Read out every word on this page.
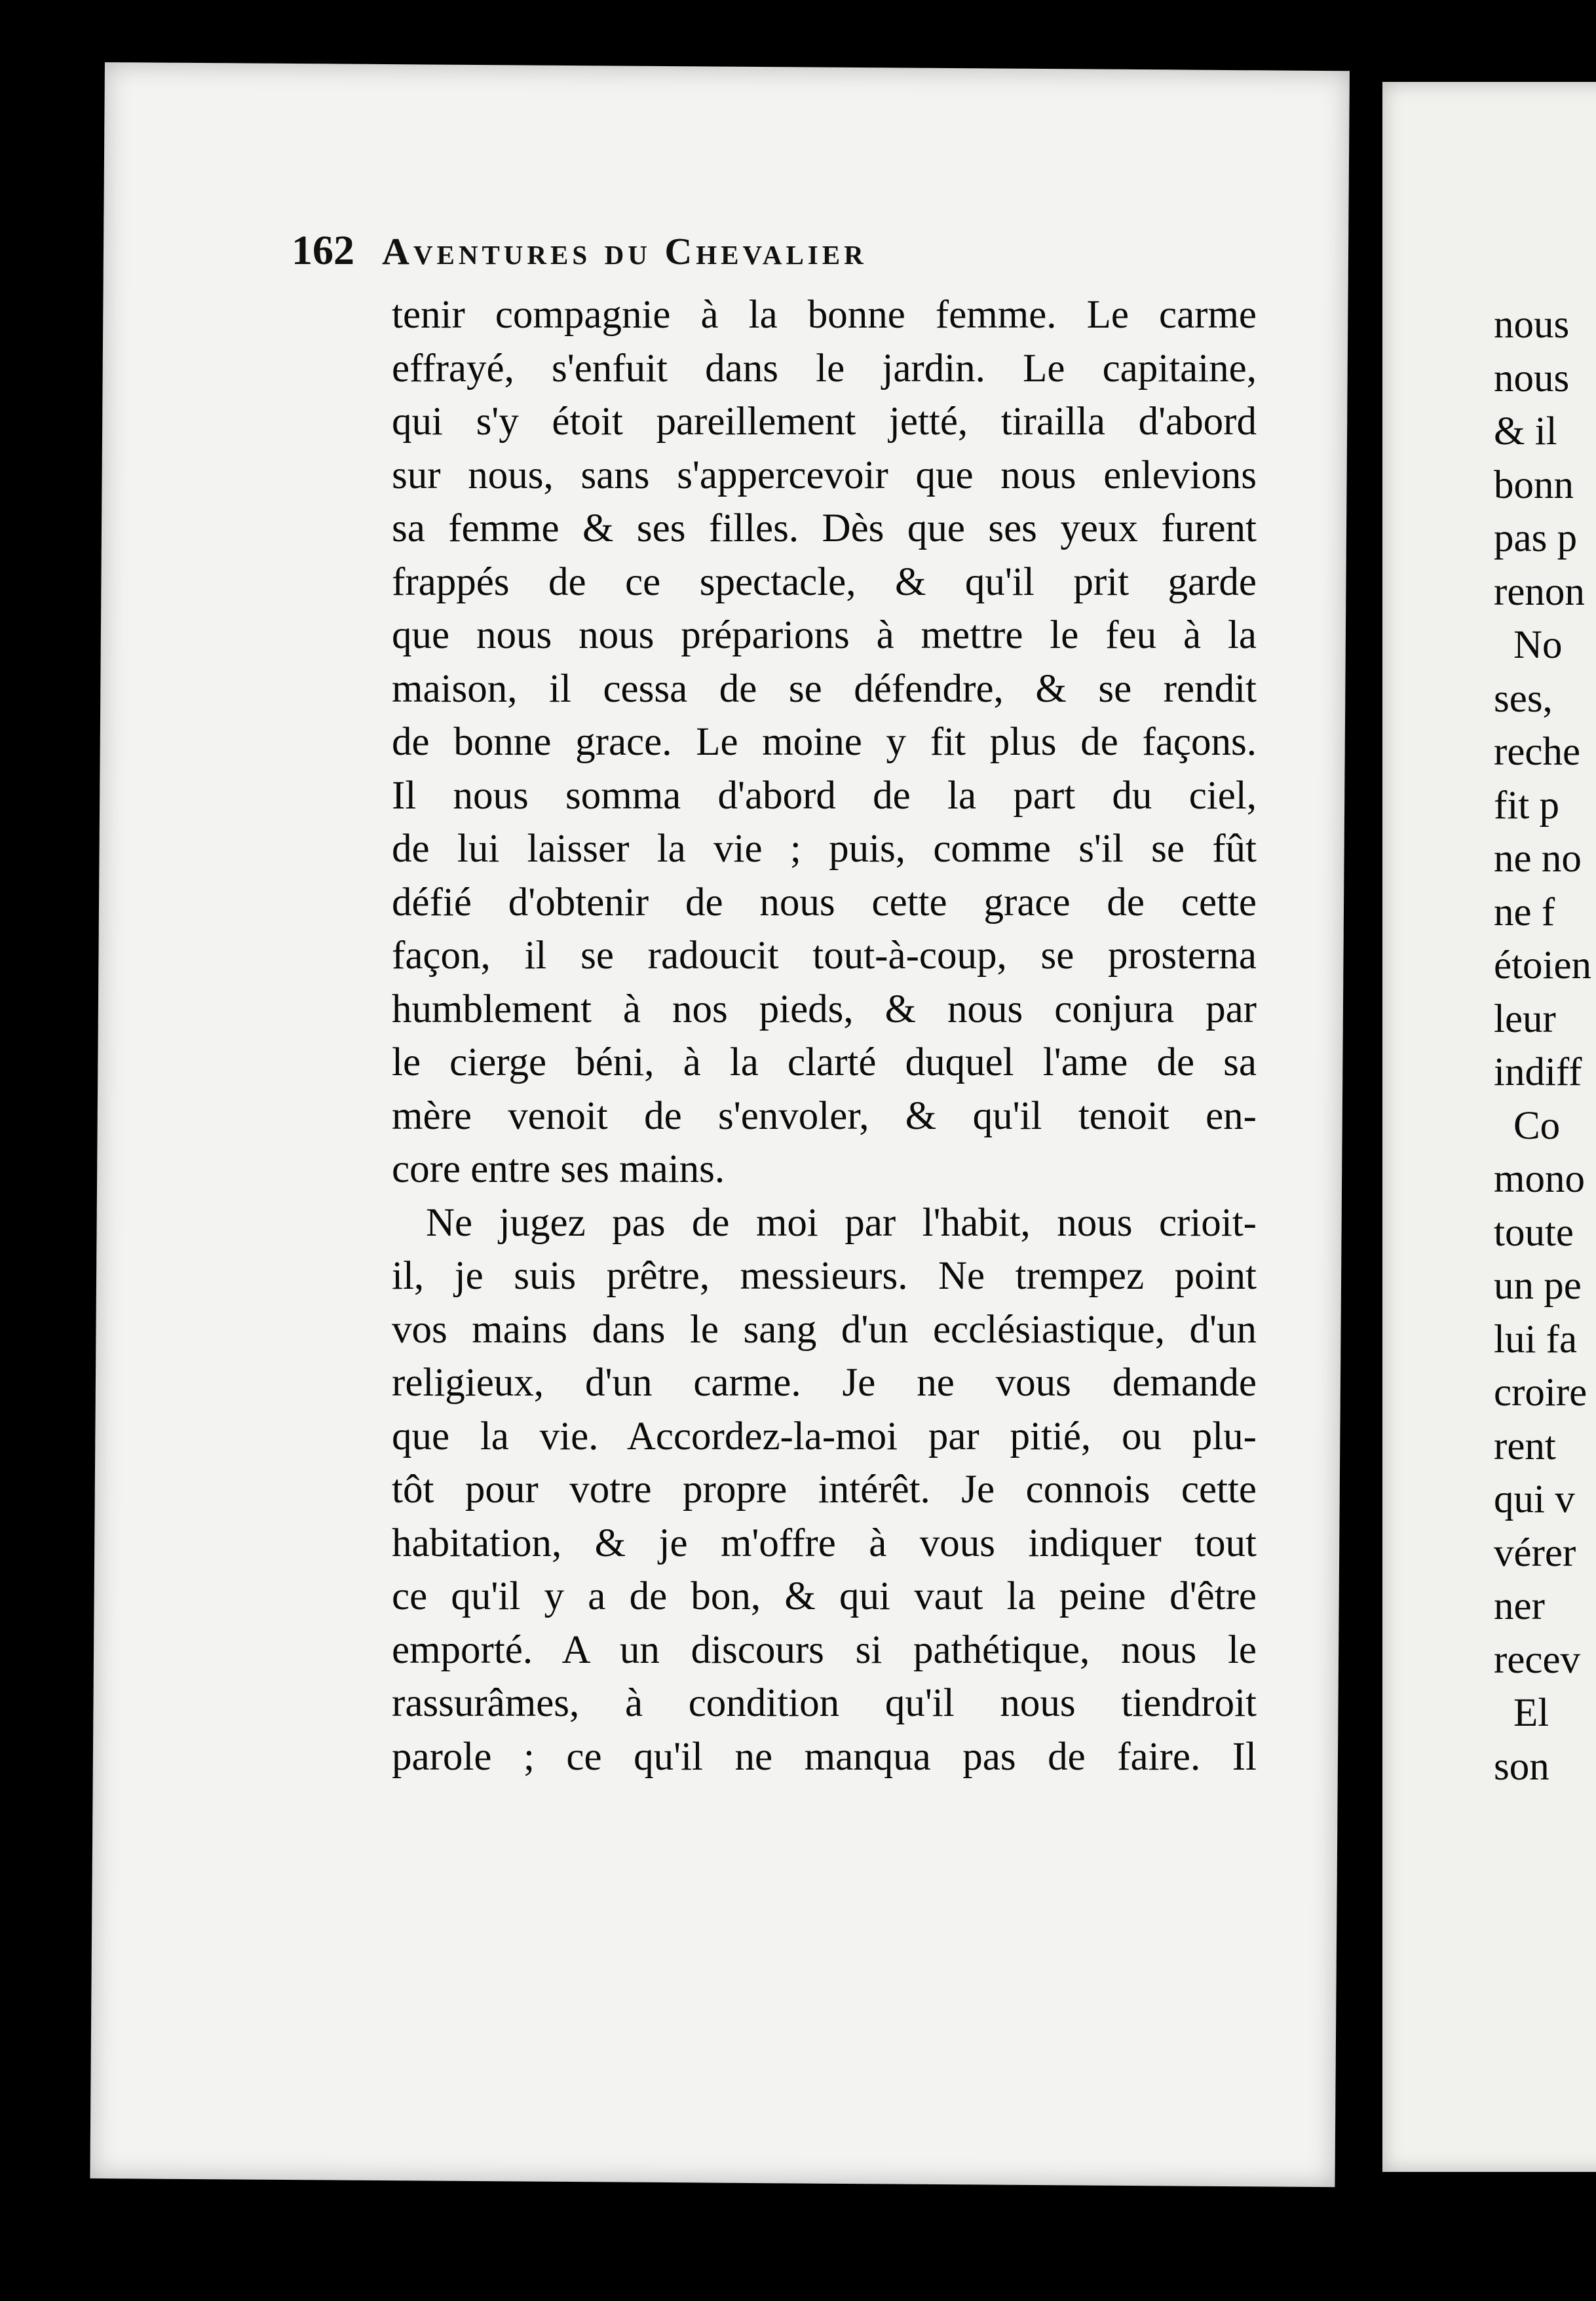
162 Aventures du Chevalier
tenir compagnie à la bonne femme. Le carme
effrayé, s'enfuit dans le jardin. Le capitaine,
qui s'y étoit pareillement jetté, tirailla d'abord
sur nous, sans s'appercevoir que nous enlevions
sa femme & ses filles. Dès que ses yeux furent
frappés de ce spectacle, & qu'il prit garde
que nous nous préparions à mettre le feu à la
maison, il cessa de se défendre, & se rendit
de bonne grace. Le moine y fit plus de façons.
Il nous somma d'abord de la part du ciel,
de lui laisser la vie ; puis, comme s'il se fût
défié d'obtenir de nous cette grace de cette
façon, il se radoucit tout-à-coup, se prosterna
humblement à nos pieds, & nous conjura par
le cierge béni, à la clarté duquel l'ame de sa
mère venoit de s'envoler, & qu'il tenoit en-
core entre ses mains.
Ne jugez pas de moi par l'habit, nous crioit-
il, je suis prêtre, messieurs. Ne trempez point
vos mains dans le sang d'un ecclésiastique, d'un
religieux, d'un carme. Je ne vous demande
que la vie. Accordez-la-moi par pitié, ou plu-
tôt pour votre propre intérêt. Je connois cette
habitation, & je m'offre à vous indiquer tout
ce qu'il y a de bon, & qui vaut la peine d'être
emporté. A un discours si pathétique, nous le
rassurâmes, à condition qu'il nous tiendroit
parole ; ce qu'il ne manqua pas de faire. Il
nous
nous
& il
bonn
pas p
renon
No
ses,
reche
fit p
ne no
ne f
étoien
leur
indiff
Co
mono
toute
un pe
lui fa
croire
rent
qui v
vérer
ner
recev
El
son
